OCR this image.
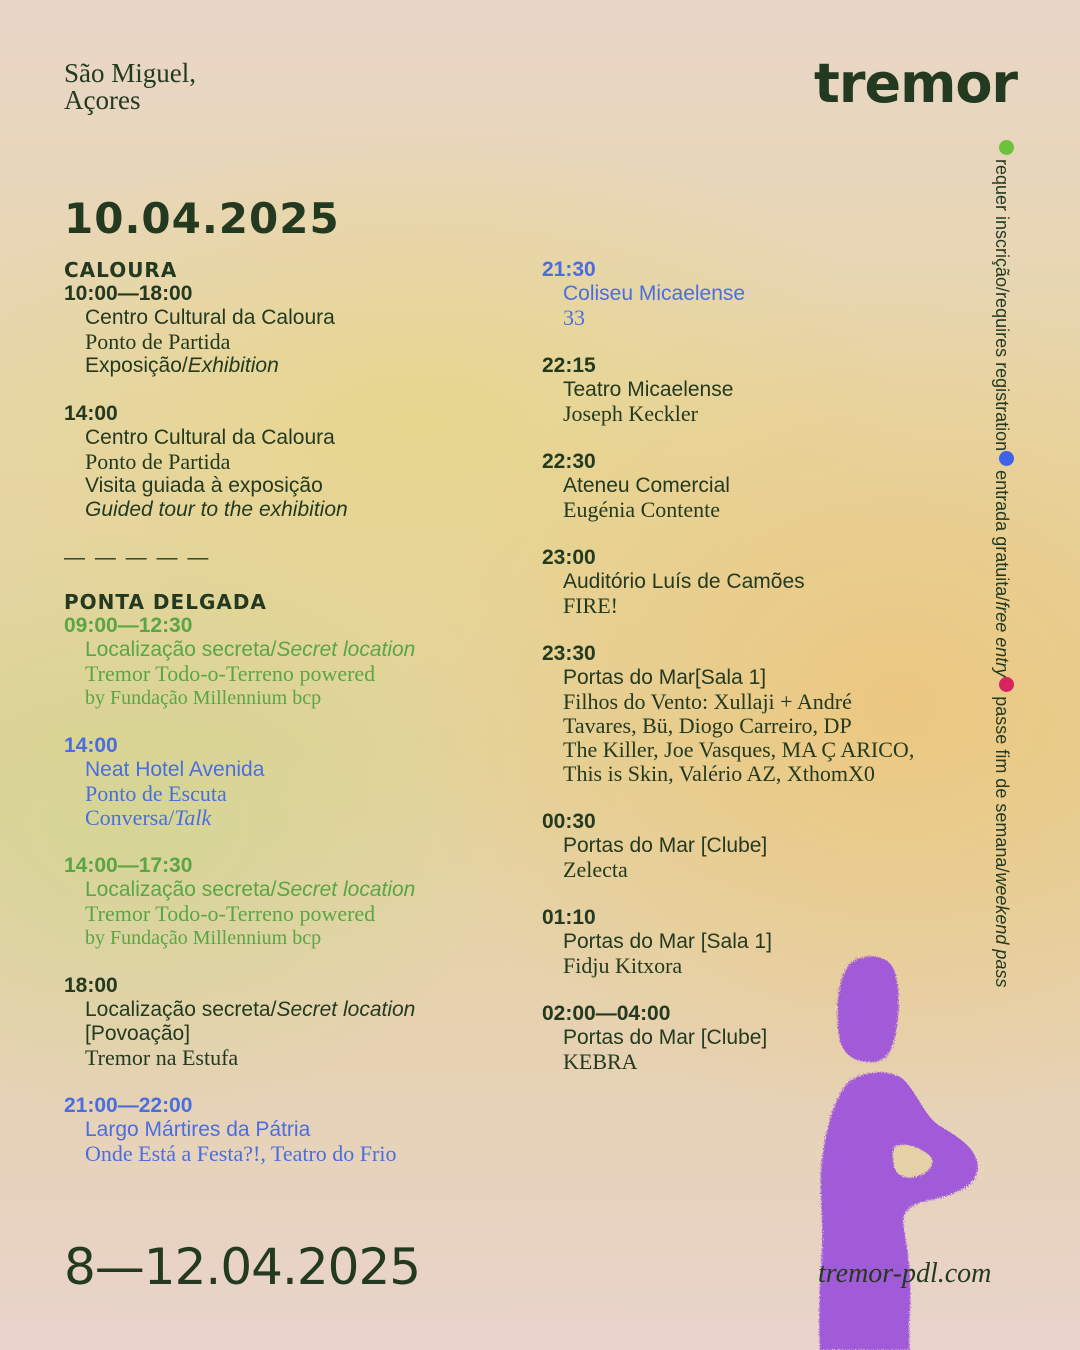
São Miguel,
Açores	tremor
10.04.2025
CALOURA
10:00—18:00
Centro Cultural da Caloura
Ponto de Partida
Exposição/Exhibition
14:00
Centro Cultural da Caloura
Ponto de Partida
Visita guiada à exposição
Guided tour to the exhibition
— — — — —
PONTA DELGADA
09:00—12:30
Localização secreta/Secret location
Tremor Todo-o-Terreno powered
by Fundação Millennium bcp
14:00
Neat Hotel Avenida
Ponto de Escuta
Conversa/Talk
14:00—17:30
Localização secreta/Secret location
Tremor Todo-o-Terreno powered
by Fundação Millennium bcp
18:00
Localização secreta/Secret location
[Povoação]
Tremor na Estufa
21:00—22:00
Largo Mártires da Pátria
Onde Está a Festa?!, Teatro do Frio
21:30
Coliseu Micaelense
33
22:15
Teatro Micaelense
Joseph Keckler
22:30
Ateneu Comercial
Eugénia Contente
23:00
Auditório Luís de Camões
FIRE!
23:30
Portas do Mar[Sala 1]
Filhos do Vento: Xullaji + André
Tavares, Bü, Diogo Carreiro, DP
The Killer, Joe Vasques, MA Ç ARICO,
This is Skin, Valério AZ, XthomX0
00:30
Portas do Mar [Clube]
Zelecta
01:10
Portas do Mar [Sala 1]
Fidju Kitxora
02:00—04:00
Portas do Mar [Clube]
KEBRA
requer inscrição/requires registrationentrada gratuita/free entrypasse fim de semana/weekend pass
8—12.04.2025	tremor-pdl.com
